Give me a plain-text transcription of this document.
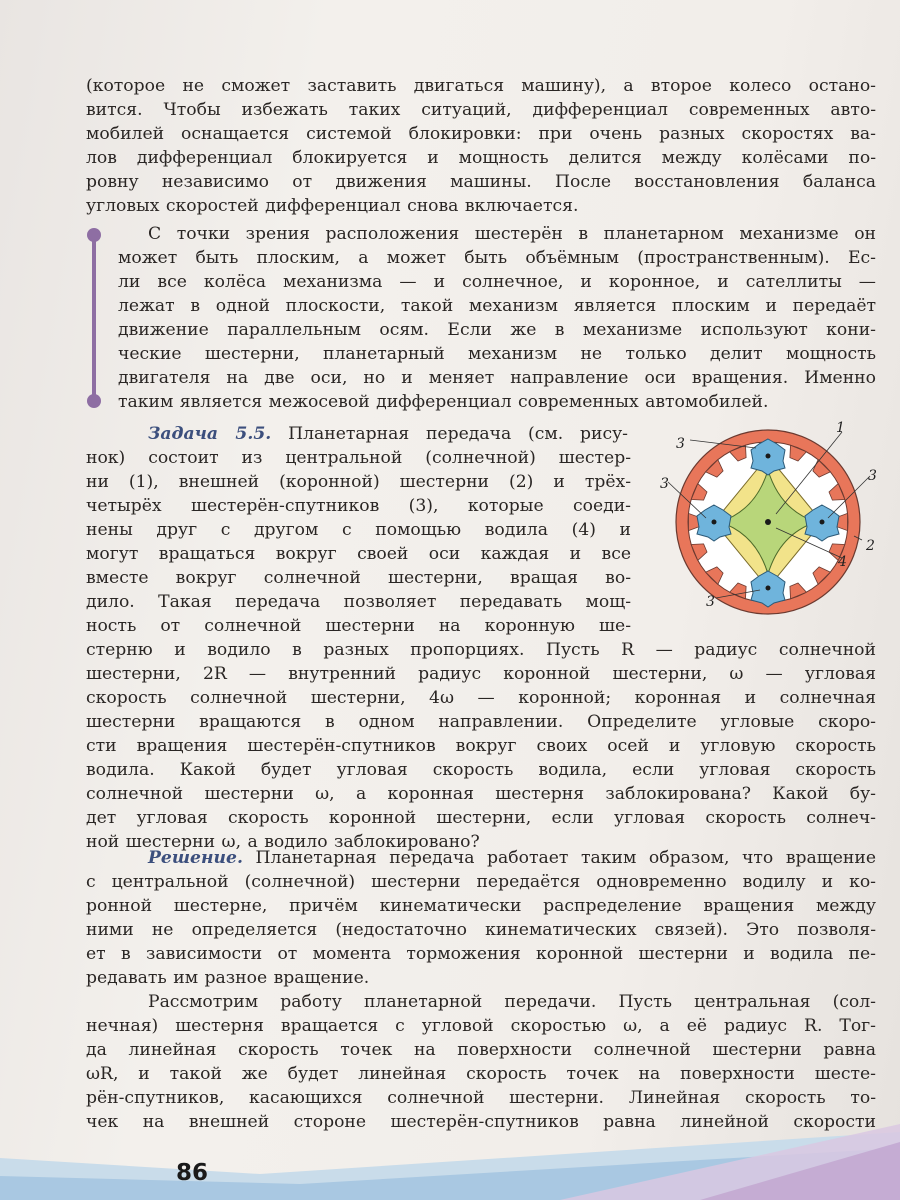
(которое не сможет заставить двигаться машину), а второе колесо остано-
вится. Чтобы избежать таких ситуаций, дифференциал современных авто-
мобилей оснащается системой блокировки: при очень разных скоростях ва-
лов дифференциал блокируется и мощность делится между колёсами по-
ровну независимо от движения машины. После восстановления баланса
угловых скоростей дифференциал снова включается.
С точки зрения расположения шестерён в планетарном механизме он
может быть плоским, а может быть объёмным (пространственным). Ес-
ли все колёса механизма — и солнечное, и коронное, и сателлиты —
лежат в одной плоскости, такой механизм является плоским и передаёт
движение параллельным осям. Если же в механизме используют кони-
ческие шестерни, планетарный механизм не только делит мощность
двигателя на две оси, но и меняет направление оси вращения. Именно
таким является межосевой дифференциал современных автомобилей.
Задача 5.5. Планетарная передача (см. рису-
нок) состоит из центральной (солнечной) шестер-
ни (1), внешней (коронной) шестерни (2) и трёх-
четырёх шестерён-спутников (3), которые соеди-
нены друг с другом с помощью водила (4) и
могут вращаться вокруг своей оси каждая и все
вместе вокруг солнечной шестерни, вращая во-
дило. Такая передача позволяет передавать мощ-
ность от солнечной шестерни на коронную ше-
стерню и водило в разных пропорциях. Пусть R — радиус солнечной
шестерни, 2R — внутренний радиус коронной шестерни, ω — угловая
скорость солнечной шестерни, 4ω — коронной; коронная и солнечная
шестерни вращаются в одном направлении. Определите угловые скоро-
сти вращения шестерён-спутников вокруг своих осей и угловую скорость
водила. Какой будет угловая скорость водила, если угловая скорость
солнечной шестерни ω, а коронная шестерня заблокирована? Какой бу-
дет угловая скорость коронной шестерни, если угловая скорость солнеч-
ной шестерни ω, а водило заблокировано?
3
1
3
3
2
4
3
Решение. Планетарная передача работает таким образом, что вращение
с центральной (солнечной) шестерни передаётся одновременно водилу и ко-
ронной шестерне, причём кинематически распределение вращения между
ними не определяется (недостаточно кинематических связей). Это позволя-
ет в зависимости от момента торможения коронной шестерни и водила пе-
редавать им разное вращение.
Рассмотрим работу планетарной передачи. Пусть центральная (сол-
нечная) шестерня вращается с угловой скоростью ω, а её радиус R. Тог-
да линейная скорость точек на поверхности солнечной шестерни равна
ωR, и такой же будет линейная скорость точек на поверхности шесте-
рён-спутников, касающихся солнечной шестерни. Линейная скорость то-
чек на внешней стороне шестерён-спутников равна линейной скорости
86
